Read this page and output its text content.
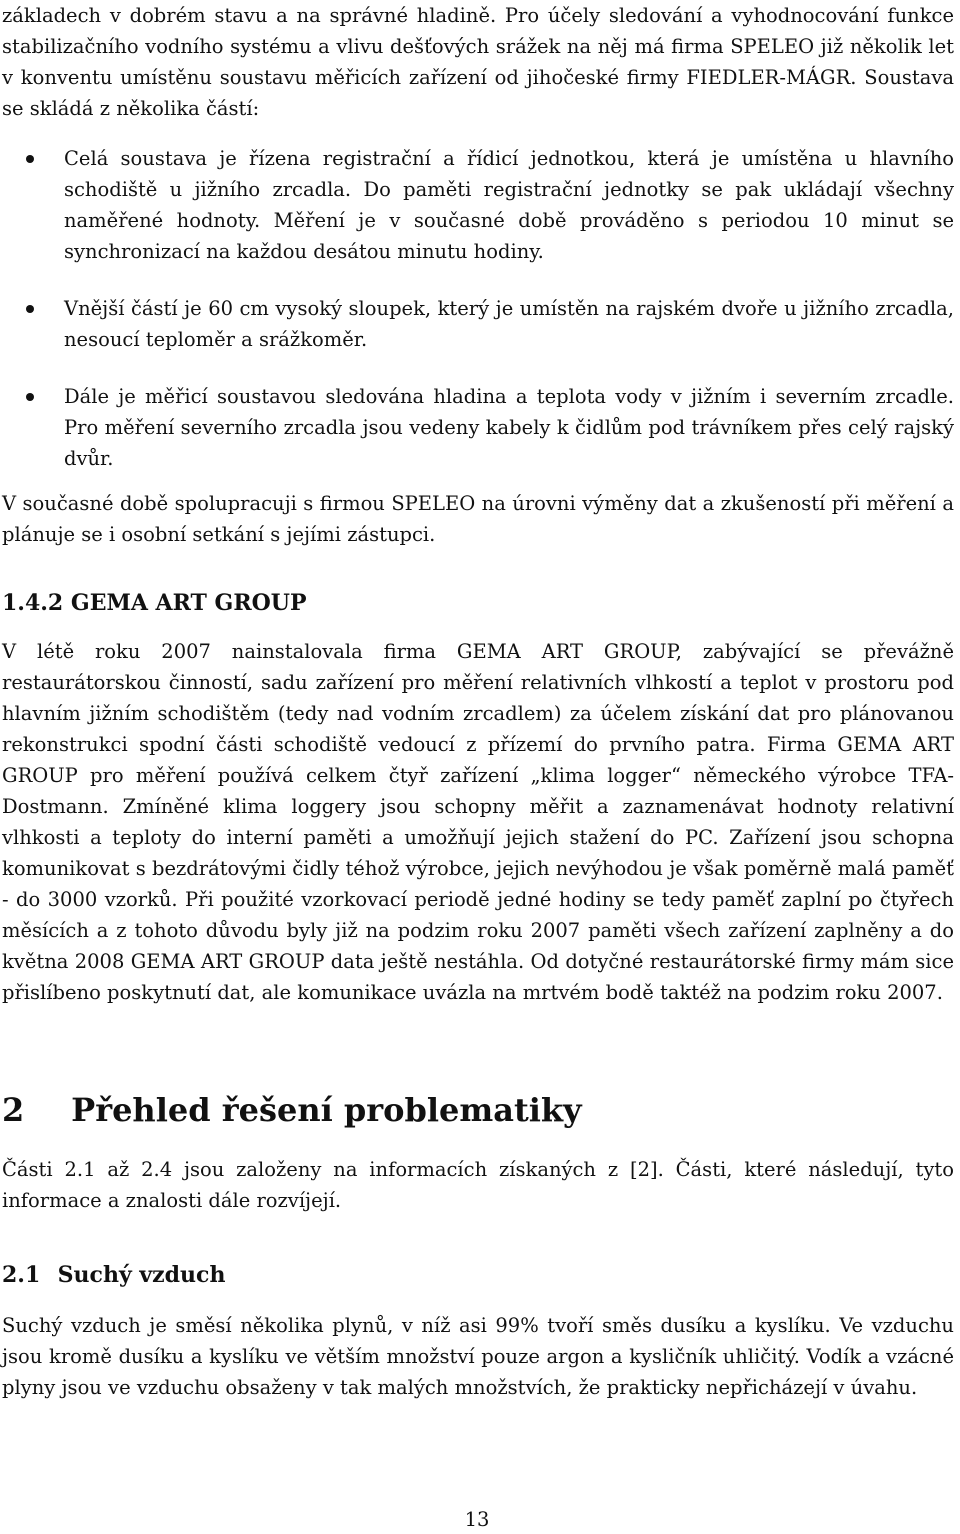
základech v dobrém stavu a na správné hladině. Pro účely sledování a vyhodnocování funkce stabilizačního vodního systému a vlivu dešťových srážek na něj má firma SPELEO již několik let v konventu umístěnu soustavu měřicích zařízení od jihočeské firmy FIEDLER-MÁGR. Soustava se skládá z několika částí:

Celá soustava je řízena registrační a řídicí jednotkou, která je umístěna u hlavního schodiště u jižního zrcadla. Do paměti registrační jednotky se pak ukládají všechny naměřené hodnoty. Měření je v současné době prováděno s periodou 10 minut se synchronizací na každou desátou minutu hodiny.
Vnější částí je 60 cm vysoký sloupek, který je umístěn na rajském dvoře u jižního zrcadla, nesoucí teploměr a srážkoměr.
Dále je měřicí soustavou sledována hladina a teplota vody v jižním i severním zrcadle. Pro měření severního zrcadla jsou vedeny kabely k čidlům pod trávníkem přes celý rajský dvůr.

V současné době spolupracuji s firmou SPELEO na úrovni výměny dat a zkušeností při měření a plánuje se i osobní setkání s jejími zástupci.

1.4.2 GEMA ART GROUP

V létě roku 2007 nainstalovala firma GEMA ART GROUP, zabývající se převážně restaurátorskou činností, sadu zařízení pro měření relativních vlhkostí a teplot v prostoru pod hlavním jižním schodištěm (tedy nad vodním zrcadlem) za účelem získání dat pro plánovanou rekonstrukci spodní části schodiště vedoucí z přízemí do prvního patra. Firma GEMA ART GROUP pro měření používá celkem čtyř zařízení „klima logger“ německého výrobce TFA-Dostmann. Zmíněné klima loggery jsou schopny měřit a zaznamenávat hodnoty relativní vlhkosti a teploty do interní paměti a umožňují jejich stažení do PC. Zařízení jsou schopna komunikovat s bezdrátovými čidly téhož výrobce, jejich nevýhodou je však poměrně malá paměť - do 3000 vzorků. Při použité vzorkovací periodě jedné hodiny se tedy paměť zaplní po čtyřech měsících a z tohoto důvodu byly již na podzim roku 2007 paměti všech zařízení zaplněny a do května 2008 GEMA ART GROUP data ještě nestáhla. Od dotyčné restaurátorské firmy mám sice přislíbeno poskytnutí dat, ale komunikace uvázla na mrtvém bodě taktéž na podzim roku 2007.

2 Přehled řešení problematiky

Části 2.1 až 2.4 jsou založeny na informacích získaných z [2]. Části, které následují, tyto informace a znalosti dále rozvíjejí.

2.1 Suchý vzduch

Suchý vzduch je směsí několika plynů, v níž asi 99% tvoří směs dusíku a kyslíku. Ve vzduchu jsou kromě dusíku a kyslíku ve větším množství pouze argon a kysličník uhličitý. Vodík a vzácné plyny jsou ve vzduchu obsaženy v tak malých množstvích, že prakticky nepřicházejí v úvahu.

13
